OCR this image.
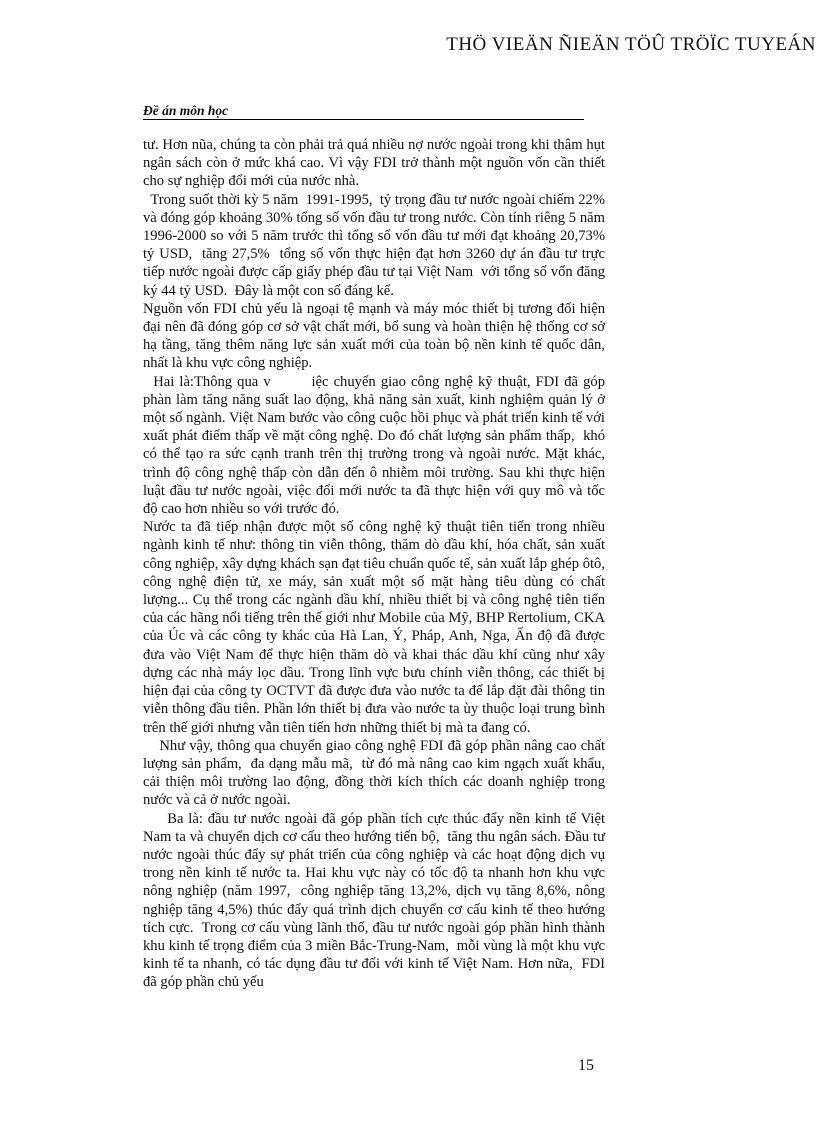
THÖ VIEÄN ÑIEÄN TÖÛ TRÖÏC TUYEÁN
Đề án môn học

tư. Hơn nũa, chúng ta còn phải trả quá nhiều nợ nước ngoài trong khi thâm hụt ngân sách còn ở mức khá cao. Vì vậy FDI trở thành một nguồn vốn cần thiết cho sự nghiệp đổi mới của nước nhà.

Trong suốt thời kỳ 5 năm  1991-1995,  tỷ trọng đầu tư nước ngoài chiếm 22% và đóng góp khoảng 30% tổng số vốn đầu tư trong nước. Còn tính riêng 5 năm 1996-2000 so với 5 năm trước thì tổng số vốn đầu tư mới đạt khoảng 20,73% tỷ USD,  tăng 27,5%  tổng số vốn thực hiện đạt hơn 3260 dự án đầu tư trực tiếp nước ngoài được cấp giấy phép đầu tư tại Việt Nam  với tổng số vốn đăng ký 44 tỷ USD.  Đây là một con số đáng kể.

Nguồn vốn FDI chủ yếu là ngoại tệ mạnh và máy móc thiết bị tương đối hiện đại nên đã đóng góp cơ sở vật chất mới, bổ sung và hoàn thiện hệ thống cơ sở hạ tầng, tăng thêm năng lực sản xuất mới của toàn bộ nền kinh tế quốc dân, nhất là khu vực công nghiệp.

Hai là:Thông qua v        iệc chuyển giao công nghệ kỹ thuật, FDI đã góp phàn làm tăng năng suất lao động, khả năng sản xuất, kinh nghiệm quản lý ở một số ngành. Việt Nam bước vào công cuộc hồi phục và phát triển kinh tế với xuất phát điểm thấp về mặt công nghệ. Do đó chất lượng sản phẩm thấp,  khó có thể tạo ra sức cạnh tranh trên thị trường trong và ngoài nước. Mặt khác, trình độ công nghệ thấp còn dẫn đến ô nhiễm môi trường. Sau khi thực hiện luật đầu tư nước ngoài, việc đổi mới nước ta đã thực hiện với quy mô và tốc độ cao hơn nhiều so với trước đó.

Nước ta đã tiếp nhận được một số công nghệ kỹ thuật tiên tiến trong nhiều ngành kinh tế như: thông tin viễn thông, thăm dò dầu khí, hóa chất, sản xuất công nghiệp, xây dựng khách sạn đạt tiêu chuẩn quốc tế, sản xuất lắp ghép ôtô, công nghệ điện tử, xe máy, sản xuất một số mặt hàng tiêu dùng có chất lượng... Cụ thể trong các ngành dầu khí, nhiều thiết bị và công nghệ tiên tiến của các hãng nổi tiếng trên thế giới như Mobile của Mỹ, BHP Rertolium, CKA của Úc và các công ty khác của Hà Lan, Ý, Pháp, Anh, Nga, Ấn độ đã được đưa vào Việt Nam để thực hiện thăm dò và khai thác dầu khí cũng như xây dựng các nhà máy lọc dầu. Trong lĩnh vực bưu chính viễn thông, các thiết bị hiện đại của công ty OCTVT đã được đưa vào nước ta để lắp đặt đài thông tin viễn thông đầu tiên. Phần lớn thiết bị đưa vào nước ta ùy thuộc loại trung bình trên thế giới nhưng vẫn tiên tiến hơn những thiết bị mà ta đang có.

Như vậy, thông qua chuyển giao công nghệ FDI đã góp phần nâng cao chất lượng sản phẩm,  đa dạng mẫu mã,  từ đó mà nâng cao kim ngạch xuất khẩu,  cải thiện môi trường lao động, đồng thời kích thích các doanh nghiệp trong nước và cả ở nước ngoài.

Ba là: đầu tư nước ngoài đã góp phần tích cực thúc đẩy nền kinh tế Việt Nam ta và chuyển dịch cơ cấu theo hướng tiến bộ,  tăng thu ngân sách. Đầu tư nước ngoài thúc đẩy sự phát triển của công nghiệp và các hoạt động dịch vụ trong nền kinh tế nước ta. Hai khu vực này có tốc độ ta nhanh hơn khu vực nông nghiệp (năm 1997,  công nghiệp tăng 13,2%, dịch vụ tăng 8,6%, nông nghiệp tăng 4,5%) thúc đẩy quá trình dịch chuyển cơ cấu kinh tế theo hướng tích cực.  Trong cơ cấu vùng lãnh thổ, đầu tư nước ngoài góp phần hình thành khu kinh tế trọng điểm của 3 miền Bắc-Trung-Nam,  mỗi vùng là một khu vực kinh tế ta nhanh, có tác dụng đầu tư đối với kinh tế Việt Nam. Hơn nữa,  FDI đã góp phần chủ yếu

15
